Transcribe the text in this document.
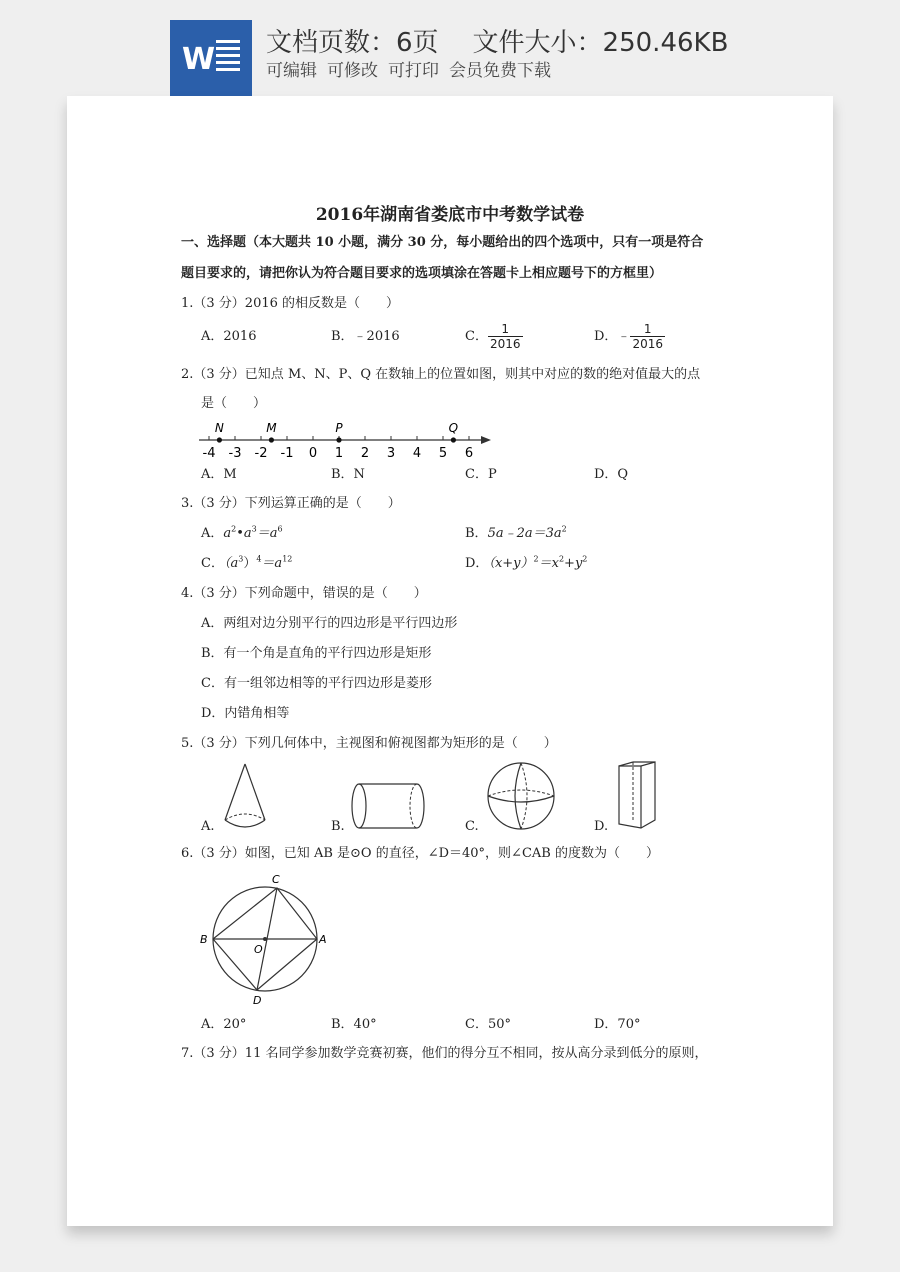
W 文档页数：6页 文件大小：250.46KB
可编辑 可修改 可打印 会员免费下载
2016年湖南省娄底市中考数学试卷
一、选择题（本大题共 10 小题，满分 30 分，每小题给出的四个选项中，只有一项是符合
题目要求的，请把你认为符合题目要求的选项填涂在答题卡上相应题号下的方框里）
1.（3 分）2016 的相反数是（　　）
A．2016	B．﹣2016	C． $\frac{1}{2016}$	D．﹣ $\frac{1}{2016}$
2.（3 分）已知点 M、N、P、Q 在数轴上的位置如图，则其中对应的数的绝对值最大的点
是（　　）
-4 -3 -2 -1 0 1 2 3 4 5 6
N	M	P	Q
A．M	B．N	C．P	D．Q
3.（3 分）下列运算正确的是（　　）
A．$a^2•a^3=a^6$	B．$5a﹣2a=3a^2$
C．$(a^3)^4=a^{12}$	D．$(x+y)^2=x^2+y^2$
4.（3 分）下列命题中，错误的是（　　）
A．两组对边分别平行的四边形是平行四边形
B．有一个角是直角的平行四边形是矩形
C．有一组邻边相等的平行四边形是菱形
D．内错角相等
5.（3 分）下列几何体中，主视图和俯视图都为矩形的是（　　）
A.	B.	C.	D.
6.（3 分）如图，已知 AB 是⊙O 的直径，∠D＝40°，则∠CAB 的度数为（　　）
C
B
O
A
D
A．20°	B．40°	C．50°	D．70°
7.（3 分）11 名同学参加数学竞赛初赛，他们的得分互不相同，按从高分录到低分的原则，
